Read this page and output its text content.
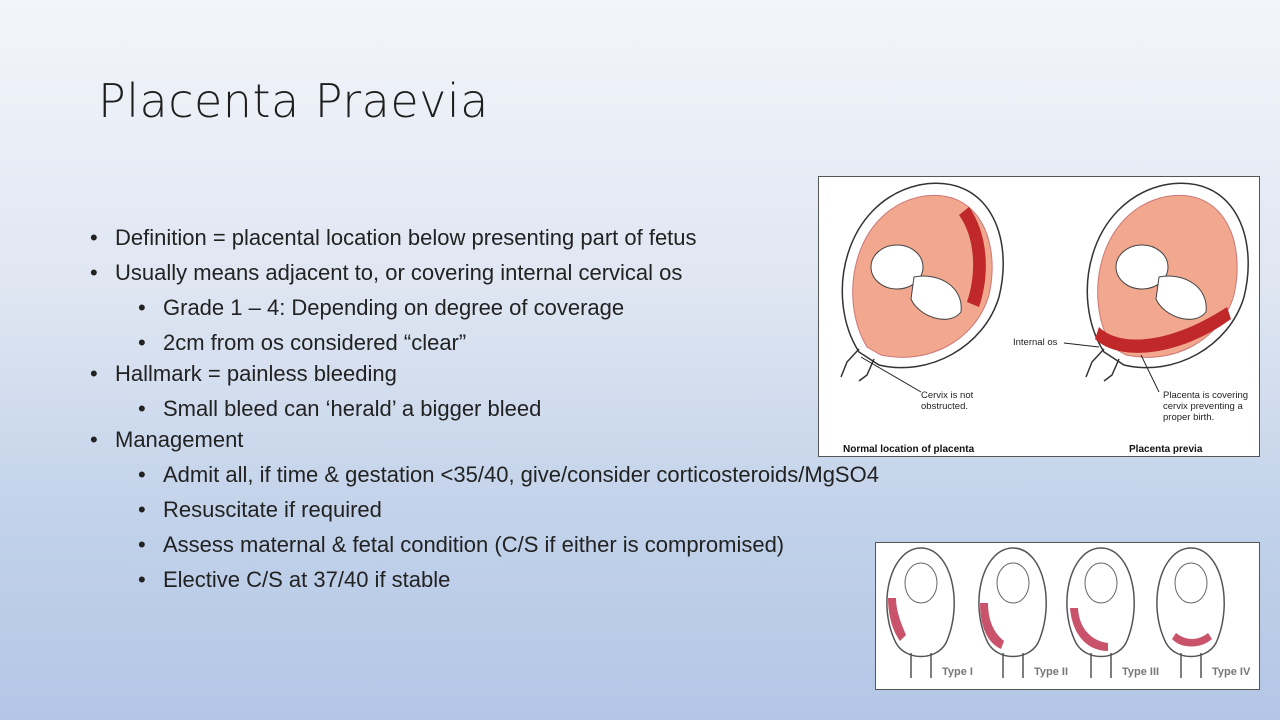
Placenta Praevia
• Definition = placental location below presenting part of fetus
• Usually means adjacent to, or covering internal cervical os
• Grade 1 – 4: Depending on degree of coverage
• 2cm from os considered “clear”
• Hallmark = painless bleeding
• Small bleed can ‘herald’ a bigger bleed
• Management
• Admit all, if time & gestation <35/40, give/consider corticosteroids/MgSO4
• Resuscitate if required
• Assess maternal & fetal condition (C/S if either is compromised)
• Elective C/S at 37/40 if stable
Cervix is not
obstructed.
Internal os
Placenta is covering
cervix preventing a
proper birth.
Normal location of placenta	Placenta previa
Type I	Type II	Type III	Type IV
